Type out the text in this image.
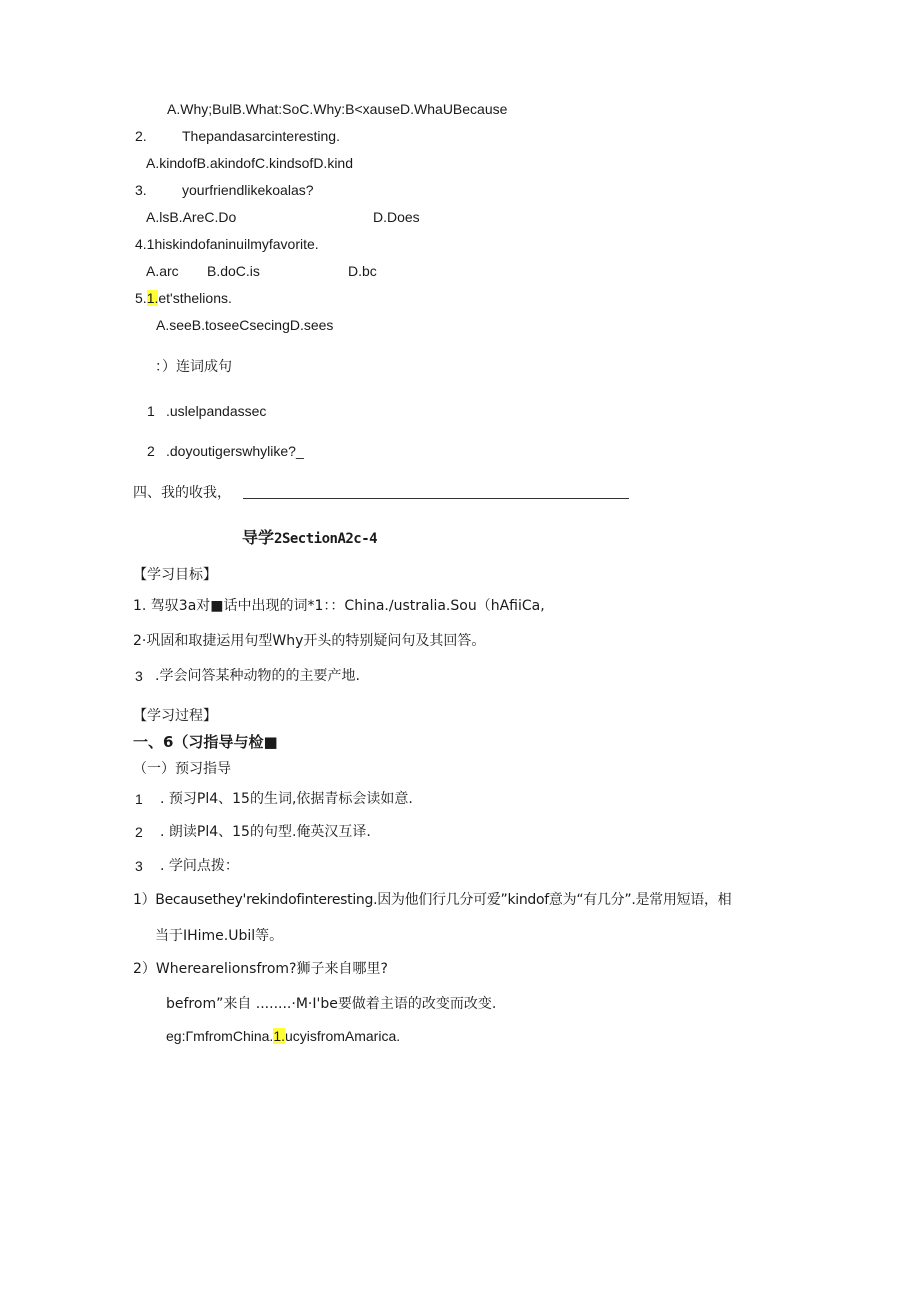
A.Why;BulB.What:SoC.Why:B<xauseD.WhaUBecause
2.	Thepandasarcinteresting.
A.kindofB.akindofC.kindsofD.kind
3.	yourfriendlikekoalas?
A.lsB.AreC.Do	D.Does
4.1hiskindofaninuilmyfavorite.
A.arc B.doC.is	D.bc
5.1.et'sthelions.
A.seeB.toseeCsecingD.sees
：）连词成句
1 .uslelpandassec
2 .doyoutigerswhylike?_
四、我的收我，
导学2SectionA2c-4
【学习目标】
1. 驾驭3a对■话中出现的词*1：：China.∕ustralia.Sou（hAfiiCa,
2·巩固和取捷运用句型Why开头的特别疑问句及其回答。
3 .学会问答某种动物的的主要产地.
【学习过程】
一、6（习指导与检■
（一）预习指导
1 . 预习Pl4、15的生词,依据青标会读如意.
2 . 朗读Pl4、15的句型.俺英汉互译.
3 . 学问点拨：
1）Becausethey'rekindofinteresting.因为他们行几分可爱”kindof意为“有几分”.是常用短语，相
当于IHime.Ubil等。
2）Wherearelionsfrom?狮子来自哪里?
befrom”来自 ........·M·I'be要做着主语的改变而改变.
eg:ΓmfromChina.1.ucyisfromAmarica.
